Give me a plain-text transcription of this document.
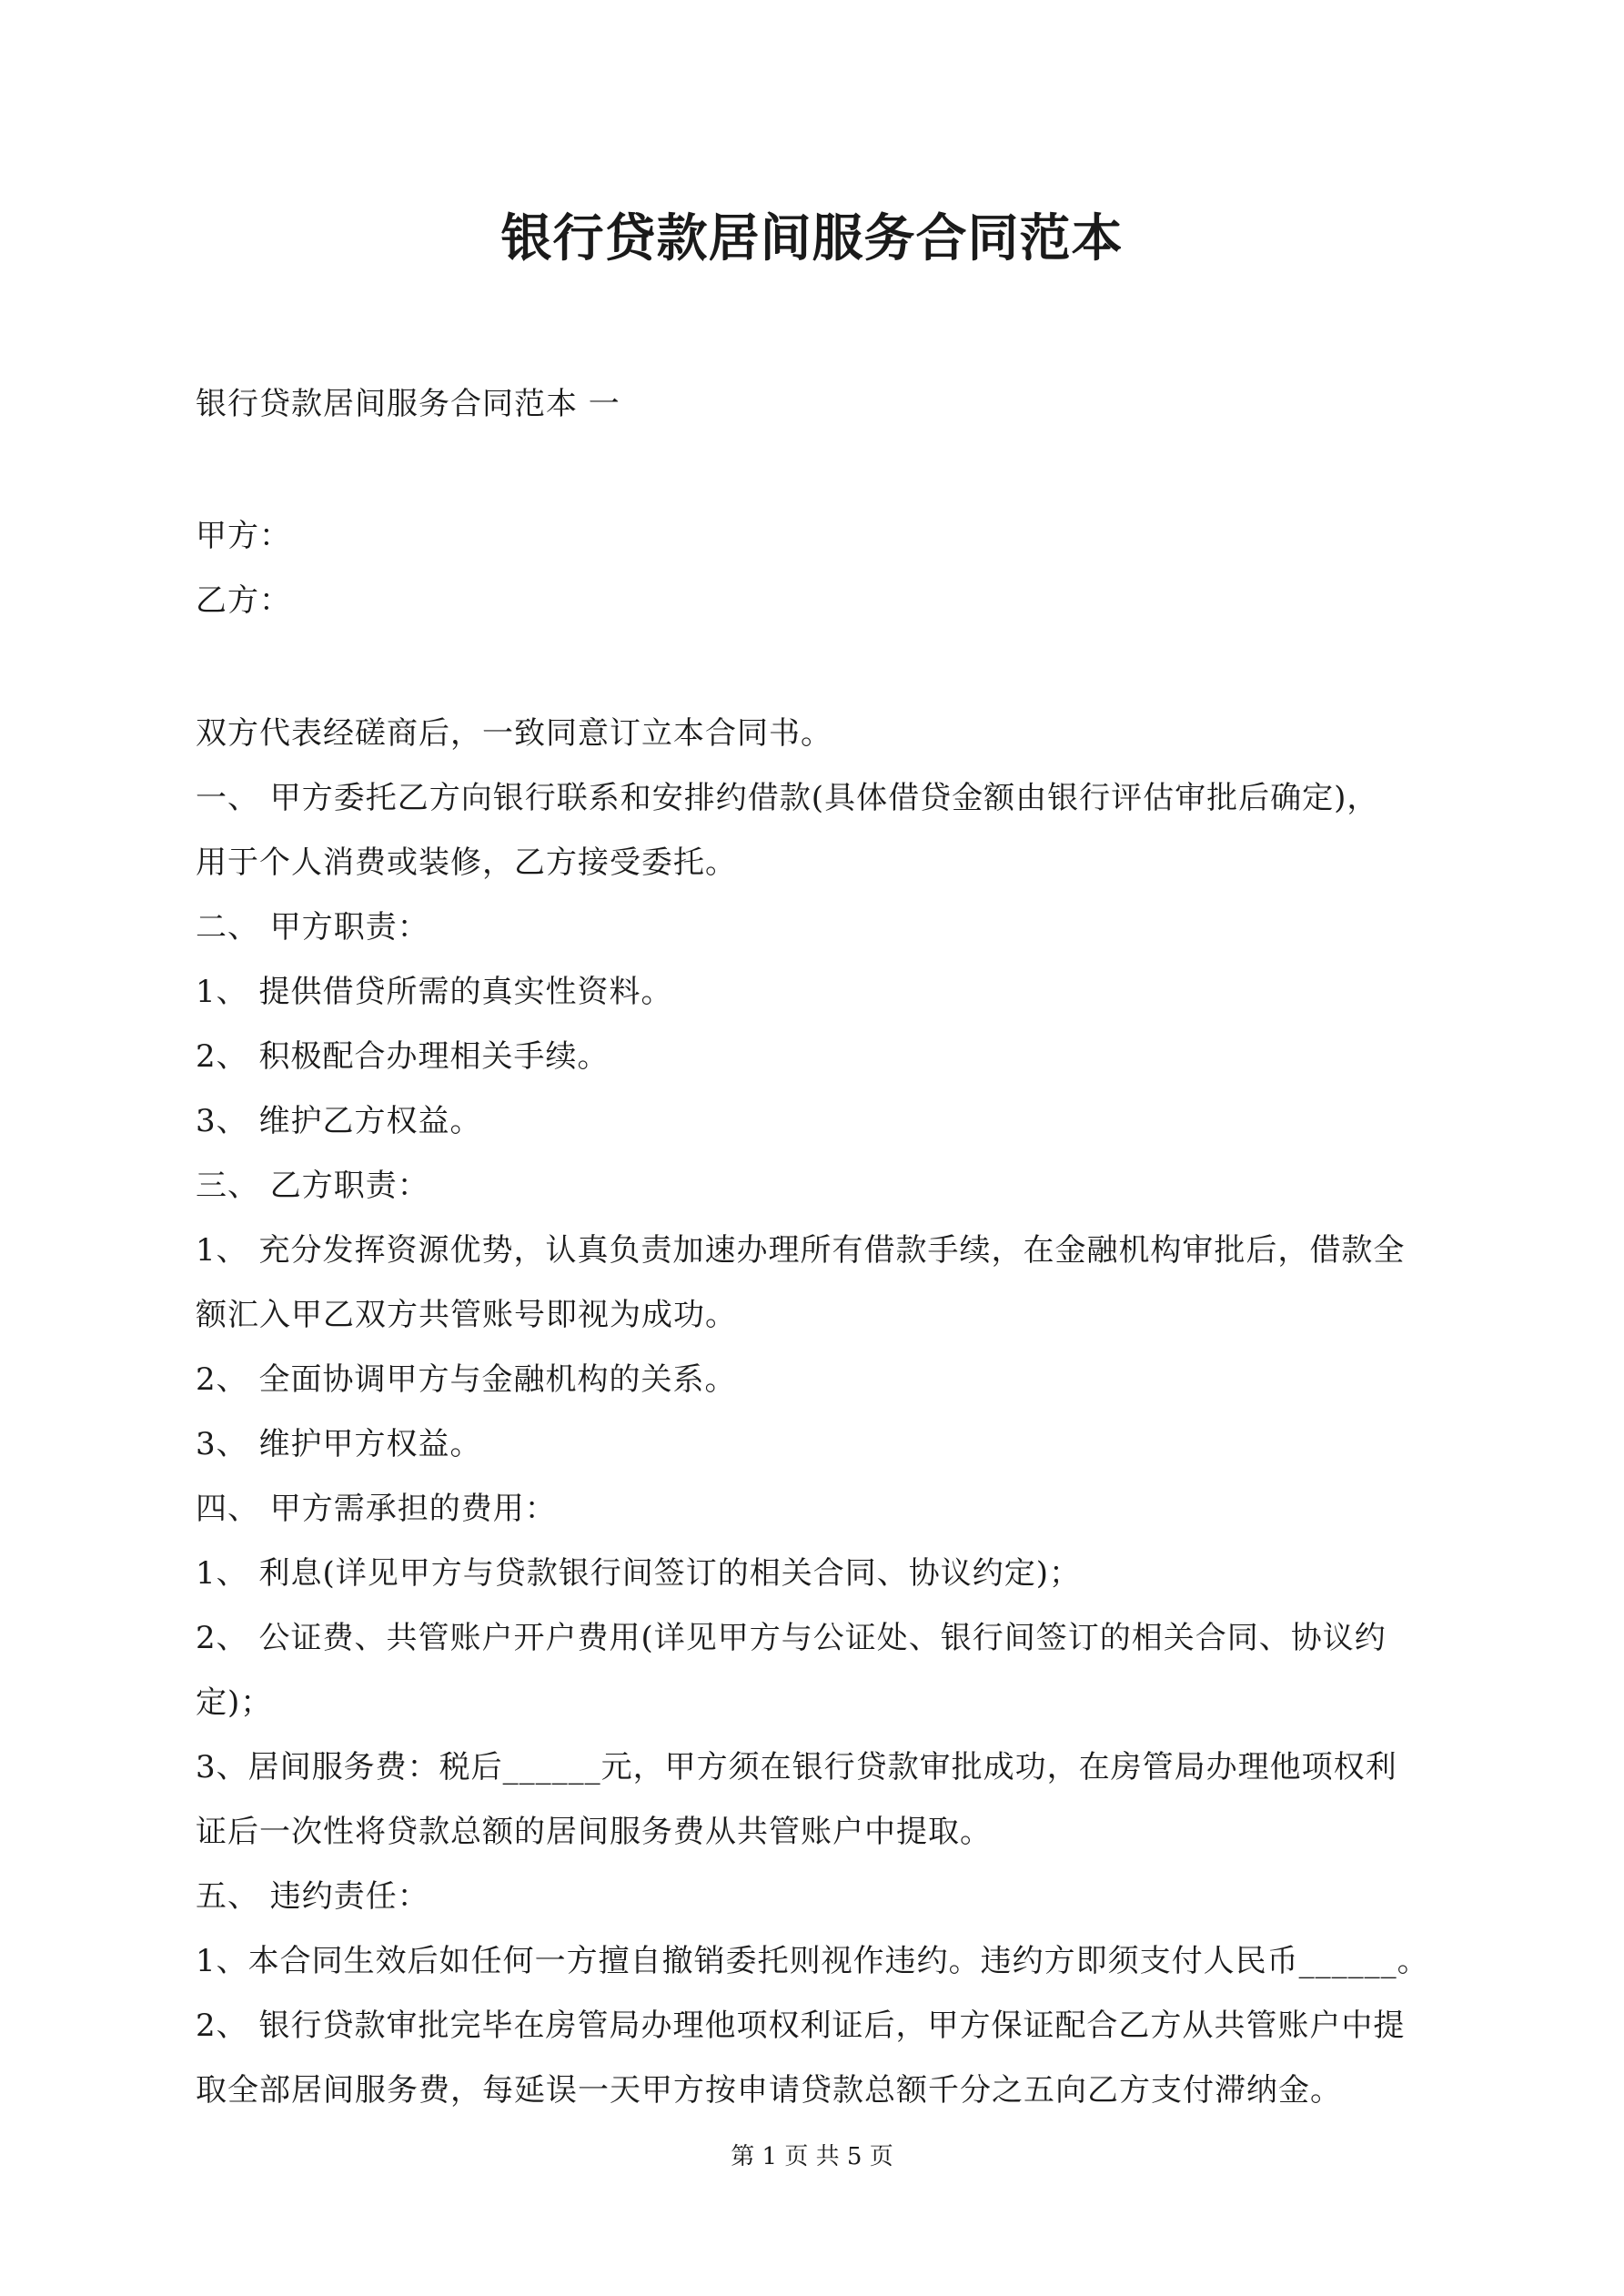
银行贷款居间服务合同范本

银行贷款居间服务合同范本 一

甲方：

乙方：

双方代表经磋商后，一致同意订立本合同书。

一、 甲方委托乙方向银行联系和安排约借款(具体借贷金额由银行评估审批后确定)，

用于个人消费或装修，乙方接受委托。

二、 甲方职责：

1、 提供借贷所需的真实性资料。

2、 积极配合办理相关手续。

3、 维护乙方权益。

三、 乙方职责：

1、 充分发挥资源优势，认真负责加速办理所有借款手续，在金融机构审批后，借款全

额汇入甲乙双方共管账号即视为成功。

2、 全面协调甲方与金融机构的关系。

3、 维护甲方权益。

四、 甲方需承担的费用：

1、 利息(详见甲方与贷款银行间签订的相关合同、协议约定)；

2、 公证费、共管账户开户费用(详见甲方与公证处、银行间签订的相关合同、协议约

定)；

3、居间服务费：税后______元，甲方须在银行贷款审批成功，在房管局办理他项权利

证后一次性将贷款总额的居间服务费从共管账户中提取。

五、 违约责任：

1、本合同生效后如任何一方擅自撤销委托则视作违约。违约方即须支付人民币______。

2、 银行贷款审批完毕在房管局办理他项权利证后，甲方保证配合乙方从共管账户中提

取全部居间服务费，每延误一天甲方按申请贷款总额千分之五向乙方支付滞纳金。

第 1 页 共 5 页
